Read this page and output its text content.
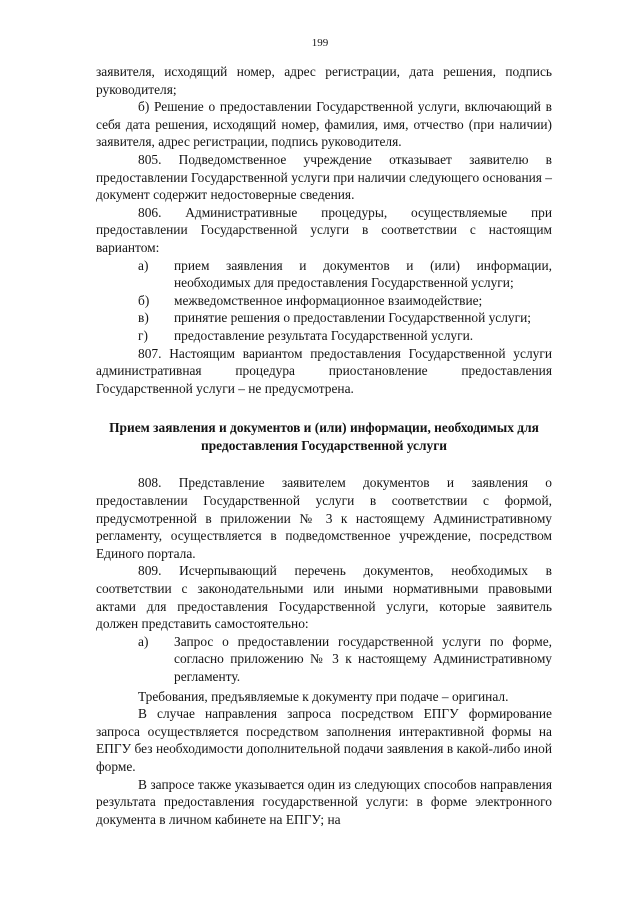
199

заявителя, исходящий номер, адрес регистрации, дата решения, подпись руководителя;

б) Решение о предоставлении Государственной услуги, включающий в себя дата решения, исходящий номер, фамилия, имя, отчество (при наличии) заявителя, адрес регистрации, подпись руководителя.

805. Подведомственное учреждение отказывает заявителю в предоставлении Государственной услуги при наличии следующего основания – документ содержит недостоверные сведения.

806. Административные процедуры, осуществляемые при предоставлении Государственной услуги в соответствии с настоящим вариантом:

а)	прием заявления и документов и (или) информации, необходимых для предоставления Государственной услуги;
б)	межведомственное информационное взаимодействие;
в)	принятие решения о предоставлении Государственной услуги;
г)	предоставление результата Государственной услуги.

807. Настоящим вариантом предоставления Государственной услуги административная процедура приостановление предоставления Государственной услуги – не предусмотрена.

Прием заявления и документов и (или) информации, необходимых для предоставления Государственной услуги

808. Представление заявителем документов и заявления о предоставлении Государственной услуги в соответствии с формой, предусмотренной в приложении № 3 к настоящему Административному регламенту, осуществляется в подведомственное учреждение, посредством Единого портала.

809. Исчерпывающий перечень документов, необходимых в соответствии с законодательными или иными нормативными правовыми актами для предоставления Государственной услуги, которые заявитель должен представить самостоятельно:

а)	Запрос о предоставлении государственной услуги по форме, согласно приложению № 3 к настоящему Административному регламенту.

Требования, предъявляемые к документу при подаче – оригинал.

В случае направления запроса посредством ЕПГУ формирование запроса осуществляется посредством заполнения интерактивной формы на ЕПГУ без необходимости дополнительной подачи заявления в какой-либо иной форме.

В запросе также указывается один из следующих способов направления результата предоставления государственной услуги: в форме электронного документа в личном кабинете на ЕПГУ; на
